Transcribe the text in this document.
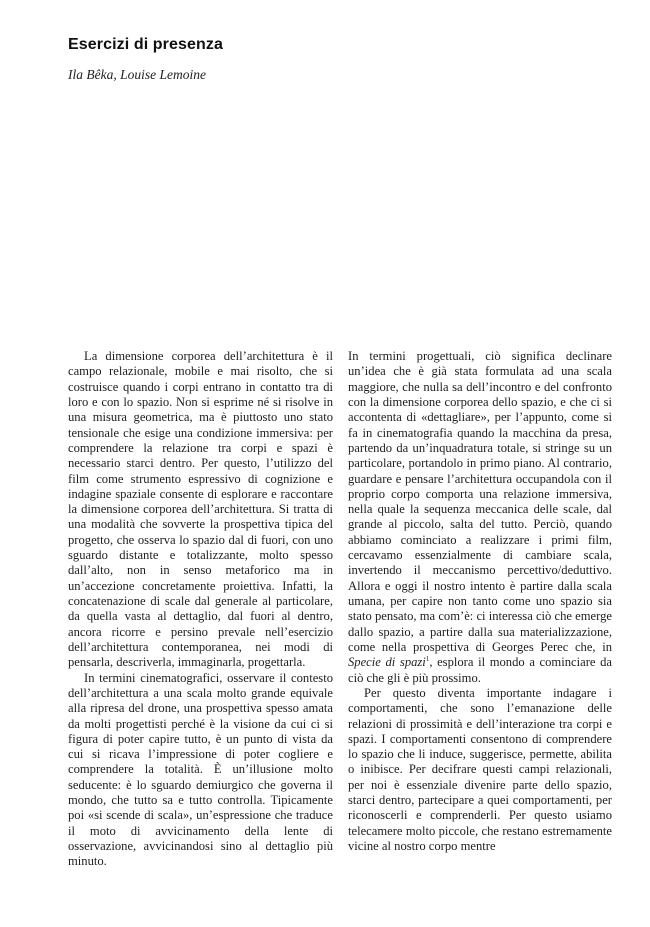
Esercizi di presenza
Ila Bêka, Louise Lemoine

La dimensione corporea dell’architettura è il campo relazionale, mobile e mai risolto, che si costruisce quando i corpi entrano in contatto tra di loro e con lo spazio. Non si esprime né si risolve in una misura geometrica, ma è piuttosto uno stato tensionale che esige una condizione immersiva: per comprendere la relazione tra corpi e spazi è necessario starci dentro. Per questo, l’utilizzo del film come strumento espressivo di cognizione e indagine spaziale consente di esplorare e raccontare la dimensione corporea dell’architettura. Si tratta di una modalità che sovverte la prospettiva tipica del progetto, che osserva lo spazio dal di fuori, con uno sguardo distante e totalizzante, molto spesso dall’alto, non in senso metaforico ma in un’accezione concretamente proiettiva. Infatti, la concatenazione di scale dal generale al particolare, da quella vasta al dettaglio, dal fuori al dentro, ancora ricorre e persino prevale nell’esercizio dell’architettura contemporanea, nei modi di pensarla, descriverla, immaginarla, progettarla.

In termini cinematografici, osservare il contesto dell’architettura a una scala molto grande equivale alla ripresa del drone, una prospettiva spesso amata da molti progettisti perché è la visione da cui ci si figura di poter capire tutto, è un punto di vista da cui si ricava l’impressione di poter cogliere e comprendere la totalità. È un’illusione molto seducente: è lo sguardo demiurgico che governa il mondo, che tutto sa e tutto controlla. Tipicamente poi «si scende di scala», un’espressione che traduce il moto di avvicinamento della lente di osservazione, avvicinandosi sino al dettaglio più minuto.

In termini progettuali, ciò significa declinare un’idea che è già stata formulata ad una scala maggiore, che nulla sa dell’incontro e del confronto con la dimensione corporea dello spazio, e che ci si accontenta di «dettagliare», per l’appunto, come si fa in cinematografia quando la macchina da presa, partendo da un’inquadratura totale, si stringe su un particolare, portandolo in primo piano. Al contrario, guardare e pensare l’architettura occupandola con il proprio corpo comporta una relazione immersiva, nella quale la sequenza meccanica delle scale, dal grande al piccolo, salta del tutto. Perciò, quando abbiamo cominciato a realizzare i primi film, cercavamo essenzialmente di cambiare scala, invertendo il meccanismo percettivo/deduttivo. Allora e oggi il nostro intento è partire dalla scala umana, per capire non tanto come uno spazio sia stato pensato, ma com’è: ci interessa ciò che emerge dallo spazio, a partire dalla sua materializzazione, come nella prospettiva di Georges Perec che, in Specie di spazi$^1$, esplora il mondo a cominciare da ciò che gli è più prossimo.

Per questo diventa importante indagare i comportamenti, che sono l’emanazione delle relazioni di prossimità e dell’interazione tra corpi e spazi. I comportamenti consentono di comprendere lo spazio che li induce, suggerisce, permette, abilita o inibisce. Per decifrare questi campi relazionali, per noi è essenziale divenire parte dello spazio, starci dentro, partecipare a quei comportamenti, per riconoscerli e comprenderli. Per questo usiamo telecamere molto piccole, che restano estremamente vicine al nostro corpo mentre
